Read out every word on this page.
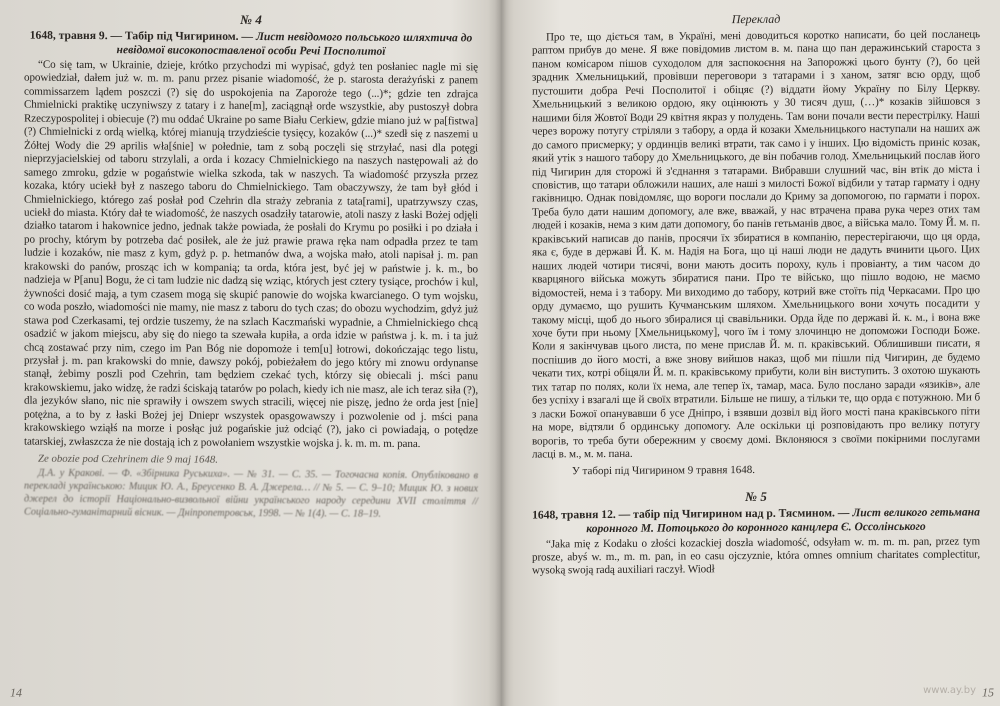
№ 4
1648, травня 9. — Табір під Чигирином. — Лист невідомого польського шляхтича до невідомої високопоставленої особи Речі Посполитої

“Co się tam, w Ukrainie, dzieje, krótko przychodzi mi wypisać, gdyż ten posłaniec nagle mi się opowiedział, dałem już w. m. m. panu przez pisanie wiadomość, że p. starosta derażyński z panem commissarzem lądem poszczi (?) się do uspokojenia na Zaporoże tego (...)*; gdzie ten zdrajca Chmielnicki praktikę uczyniwszy z tatary i z hane[m], zaciągnął orde wszystkie, aby pustoszył dobra Rzeczypospolitej i obiecuje (?) mu oddać Ukraine po same Biału Cerkiew, gdzie miano już w pa[fistwa](?) Chmielnicki z ordą wielką, której mianują trzydzieście tysięcy, kozaków (...)* szedł się z naszemi u Żółtej Wody die 29 aprilis wła[śnie] w połednie, tam z sobą poczęli się strzyłać, nasi dla potęgi nieprzyjacielskiej od taboru strzylali, a orda i kozacy Chmielnickiego na naszych następowali aż do samego zmroku, gdzie w pogaństwie wielka szkoda, tak w naszych. Ta wiadomość przyszła przez kozaka, który uciekł był z naszego taboru do Chmielnickiego. Tam obaczywszy, że tam był głód i Chmielnickiego, którego zaś posłał pod Czehrin dla straży zebrania z tata[rami], upatrzywszy czas, uciekł do miasta. Który dał te wiadomość, że naszych osadziły tatarowie, atoli naszy z łaski Bożej odjęli działko tatarom i hakownice jedno, jednak także powiada, że posłali do Krymu po posiłki i po działa i po prochy, którym by potrzeba dać posiłek, ale że już prawie prawa ręka nam odpadła przez te tam ludzie i kozaków, nie masz z kym, gdyż p. p. hetmanów dwa, a wojska mało, atoli napisał j. m. pan krakowski do panów, prosząc ich w kompanią; ta orda, która jest, być jej w państwie j. k. m., bo nadzieja w P[anu] Bogu, że ci tam ludzie nic dadzą się wziąc, których jest cztery tysiące, prochów i kul, żywności dosić mają, a tym czasem mogą się skupić panowie do wojska kwarcianego. O tym wojsku, co woda poszło, wiadomości nie mamy, nie masz z taboru do tych czas; do obozu wychodzim, gdyż już stawa pod Czerkasami, tej ordzie tuszemy, że na szlach Kaczmański wypadnie, a Chmielnickiego chcą osadzić w jakom miejscu, aby się do niego ta szewała kupiła, a orda idzie w państwa j. k. m. i ta już chcą zostawać przy nim, czego im Pan Bóg nie dopomoże i tem[u] łotrowi, dokończając tego listu, przysłał j. m. pan krakowski do mnie, dawszy pokój, pobieżałem do jego który mi znowu ordynanse stanął, żebimy poszli pod Czehrin, tam będziem czekać tych, którzy się obiecali j. mści panu krakowskiemu, jako widzę, że radzi ściskają tatarów po polach, kiedy ich nie masz, ale ich teraz siła (?), dla jezyków słano, nic nie sprawiły i owszem swych stracili, więcej nie piszę, jedno że orda jest [nie] potężna, a to by z łaski Bożej jej Dniepr wszystek opasgowawszy i pozwolenie od j. mści pana krakowskiego wziąłś na morze i posłąc już pogańskie już odciąć (?), jako ci powiadają, o potędze tatarskiej, zwłaszcza że nie dostają ich z powołaniem wszystkie wojska j. k. m. m. m. pana.

Ze obozie pod Czehrinem die 9 maj 1648.

Д.А. у Кракові. — Ф. «Збірника Руськиха». — № 31. — С. 35. — Тогочасна копія. Опубліковано в перекладі українською: Мицик Ю. А., Бреусенко В. А. Джерела… // № 5. — С. 9–10; Мицик Ю. з нових джерел до історії Національно-визвольної війни українського народу середини XVII століття // Соціально-гуманітарний вісник. — Дніпропетровськ, 1998. — № 1(4). — С. 18–19.

14
Переклад

Про те, що діється там, в Україні, мені доводиться коротко написати, бо цей посланець раптом прибув до мене. Я вже повідомив листом в. м. пана що пан деражинський староста з паном комісаром пішов суходолом для заспокоєння на Запорожжі цього бунту (?), бо цей зрадник Хмельницький, провівши переговори з татарами і з ханом, затяг всю орду, щоб пустошити добра Речі Посполитої і обіцяє (?) віддати йому Україну по Білу Церкву. Хмельницький з великою ордою, яку оцінюють у 30 тисяч душ, (…)* козаків зійшовся з нашими біля Жовтої Води 29 квітня якраз у полудень. Там вони почали вести перестрілку. Наші через ворожу потугу стріляли з табору, а орда й козаки Хмельницького наступали на наших аж до самого присмерку; у ординців великі втрати, так само і у інших. Цю відомість приніс козак, який утік з нашого табору до Хмельницького, де він побачив голод. Хмельницький послав його під Чигирин для сторожі й з'єднання з татарами. Вибравши слушний час, він втік до міста і сповістив, що татари обложили наших, але наші з милості Божої відбили у татар гармату і одну гаківницю. Однак повідомляє, що вороги послали до Криму за допомогою, по гармати і порох. Треба було дати нашим допомогу, але вже, вважай, у нас втрачена права рука через отих там людей і козаків, нема з ким дати допомогу, бо панів гетьманів двоє, а війська мало. Тому Й. м. п. краківський написав до панів, просячи їх збиратися в компанію, перестерігаючи, що ця орда, яка є, буде в державі Й. К. м. Надія на Бога, що ці наші люди не дадуть вчинити цього. Цих наших людей чотири тисячі, вони мають досить пороху, куль і провіанту, а тим часом до кварцяного війська можуть збиратися пани. Про те військо, що пішло водою, не маємо відомостей, нема і з табору. Ми виходимо до табору, котрий вже стоїть під Черкасами. Про цю орду думаємо, що рушить Кучманським шляхом. Хмельницького вони хочуть посадити у такому місці, щоб до нього збиралися ці свавільники. Орда йде по державі й. к. м., і вона вже хоче бути при ньому [Хмельницькому], чого їм і тому злочинцю не допоможи Господи Боже. Коли я закінчував цього листа, по мене прислав Й. м. п. краківський. Облишивши писати, я поспішив до його мості, а вже знову вийшов наказ, щоб ми пішли під Чигирин, де будемо чекати тих, котрі обіцяли Й. м. п. краківському прибути, коли він виступить. З охотою шукають тих татар по полях, коли їх нема, але тепер їх, тамар, маса. Було послано заради «язиків», але без успіху і взагалі ще й своїх втратили. Більше не пишу, а тільки те, що орда є потужною. Ми б з ласки Божої опанувавши б усе Дніпро, і взявши дозвіл від його мості пана краківського піти на море, відтяли б ординську допомогу. Але оскільки ці розповідають про велику потугу ворогів, то треба бути обережним у своєму домі. Вклоняюся з своїми покірними послугами ласці в. м., м. м. пана.

У таборі під Чигирином 9 травня 1648.

№ 5
1648, травня 12. — табір під Чигирином над р. Тясмином. — Лист великого гетьмана коронного М. Потоцького до коронного канцлера Є. Оссолінського

“Jaka mię z Kodaku o złości kozackiej doszła wiadomość, odsyłam w. m. m. m. pan, przez tym prosze, abyś w. m., m. m. pan, in eo casu ojczyznie, która omnes omnium charitates complectitur, wysoką swoją radą auxiliari raczył. Wiodł

15
www.ay.by
